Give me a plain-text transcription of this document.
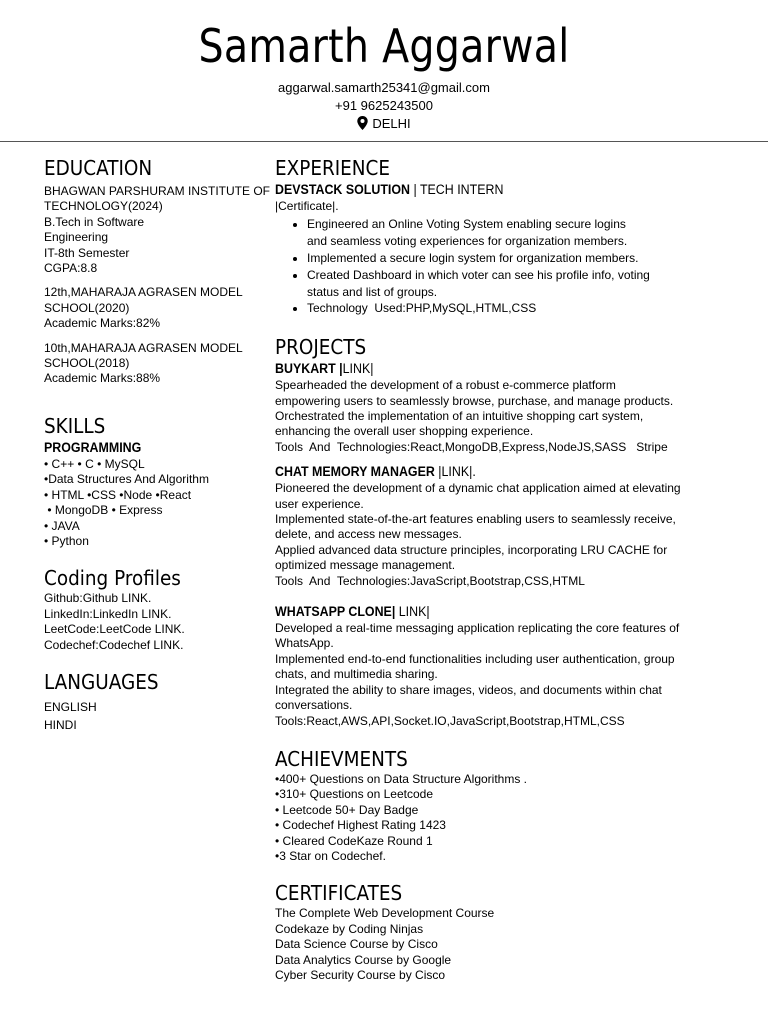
Samarth Aggarwal
aggarwal.samarth25341@gmail.com
+91 9625243500
DELHI
EDUCATION
BHAGWAN PARSHURAM INSTITUTE OF
TECHNOLOGY(2024)
B.Tech in Software
Engineering
IT-8th Semester
CGPA:8.8
12th,MAHARAJA AGRASEN MODEL
SCHOOL(2020)
Academic Marks:82%
10th,MAHARAJA AGRASEN MODEL
SCHOOL(2018)
Academic Marks:88%
SKILLS
PROGRAMMING
• C++ • C • MySQL
•Data Structures And Algorithm
• HTML •CSS •Node •React
• MongoDB • Express
• JAVA
• Python
Coding Profiles
Github:Github LINK.
LinkedIn:LinkedIn LINK.
LeetCode:LeetCode LINK.
Codechef:Codechef LINK.
LANGUAGES
ENGLISH
HINDI
EXPERIENCE
DEVSTACK SOLUTION | TECH INTERN
|Certificate|.
• Engineered an Online Voting System enabling secure logins
and seamless voting experiences for organization members.
• Implemented a secure login system for organization members.
• Created Dashboard in which voter can see his profile info, voting
status and list of groups.
• Technology  Used:PHP,MySQL,HTML,CSS
PROJECTS
BUYKART |LINK|
Spearheaded the development of a robust e-commerce platform
empowering users to seamlessly browse, purchase, and manage products.
Orchestrated the implementation of an intuitive shopping cart system,
enhancing the overall user shopping experience.
Tools  And  Technologies:React,MongoDB,Express,NodeJS,SASS   Stripe
CHAT MEMORY MANAGER |LINK|.
Pioneered the development of a dynamic chat application aimed at elevating
user experience.
Implemented state-of-the-art features enabling users to seamlessly receive,
delete, and access new messages.
Applied advanced data structure principles, incorporating LRU CACHE for
optimized message management.
Tools  And  Technologies:JavaScript,Bootstrap,CSS,HTML
WHATSAPP CLONE| LINK|
Developed a real-time messaging application replicating the core features of
WhatsApp.
Implemented end-to-end functionalities including user authentication, group
chats, and multimedia sharing.
Integrated the ability to share images, videos, and documents within chat
conversations.
Tools:React,AWS,API,Socket.IO,JavaScript,Bootstrap,HTML,CSS
ACHIEVMENTS
•400+ Questions on Data Structure Algorithms .
•310+ Questions on Leetcode
• Leetcode 50+ Day Badge
• Codechef Highest Rating 1423
• Cleared CodeKaze Round 1
•3 Star on Codechef.
CERTIFICATES
The Complete Web Development Course
Codekaze by Coding Ninjas
Data Science Course by Cisco
Data Analytics Course by Google
Cyber Security Course by Cisco
